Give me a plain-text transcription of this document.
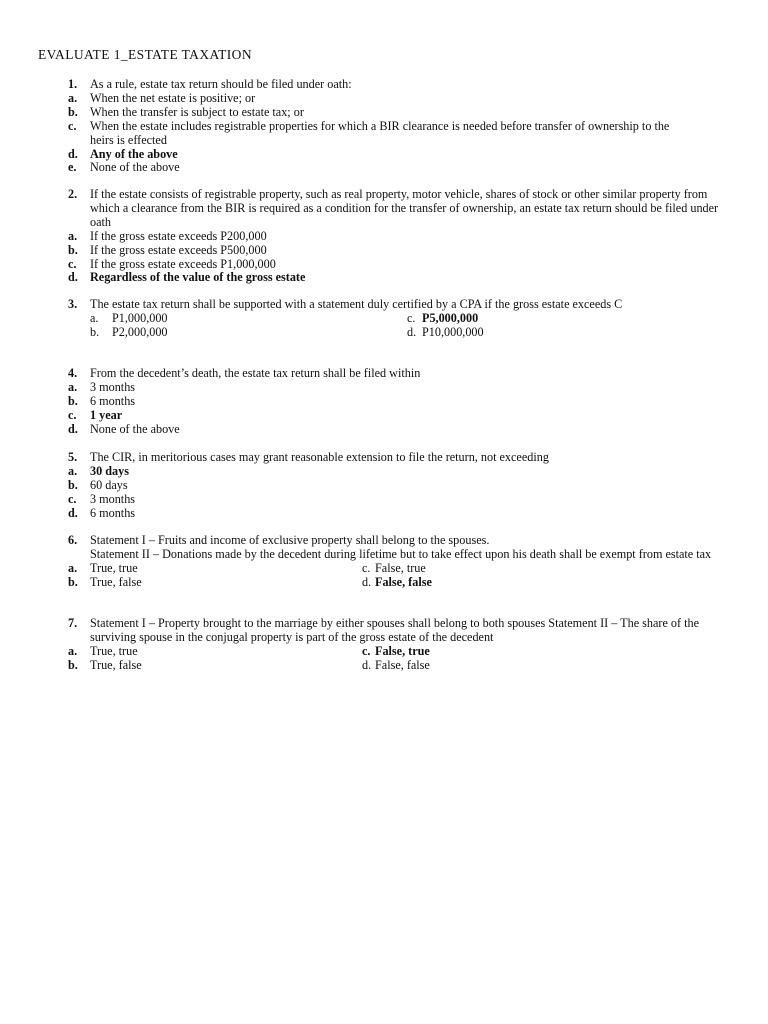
EVALUATE 1_ESTATE TAXATION
1. As a rule, estate tax return should be filed under oath:
a. When the net estate is positive; or
b. When the transfer is subject to estate tax; or
c. When the estate includes registrable properties for which a BIR clearance is needed before transfer of ownership to the heirs is effected
d. Any of the above
e. None of the above
2. If the estate consists of registrable property, such as real property, motor vehicle, shares of stock or other similar property from which a clearance from the BIR is required as a condition for the transfer of ownership, an estate tax return should be filed under oath
a. If the gross estate exceeds P200,000
b. If the gross estate exceeds P500,000
c. If the gross estate exceeds P1,000,000
d. Regardless of the value of the gross estate
3. The estate tax return shall be supported with a statement duly certified by a CPA if the gross estate exceeds C
a. P1,000,000
b. P2,000,000
c. P5,000,000
d. P10,000,000
4. From the decedent’s death, the estate tax return shall be filed within
a. 3 months
b. 6 months
c. 1 year
d. None of the above
5. The CIR, in meritorious cases may grant reasonable extension to file the return, not exceeding
a. 30 days
b. 60 days
c. 3 months
d. 6 months
6. Statement I – Fruits and income of exclusive property shall belong to the spouses.
Statement II – Donations made by the decedent during lifetime but to take effect upon his death shall be exempt from estate tax
a. True, true
b. True, false
c. False, true
d. False, false
7. Statement I – Property brought to the marriage by either spouses shall belong to both spouses Statement II – The share of the surviving spouse in the conjugal property is part of the gross estate of the decedent
a. True, true
b. True, false
c. False, true
d. False, false
